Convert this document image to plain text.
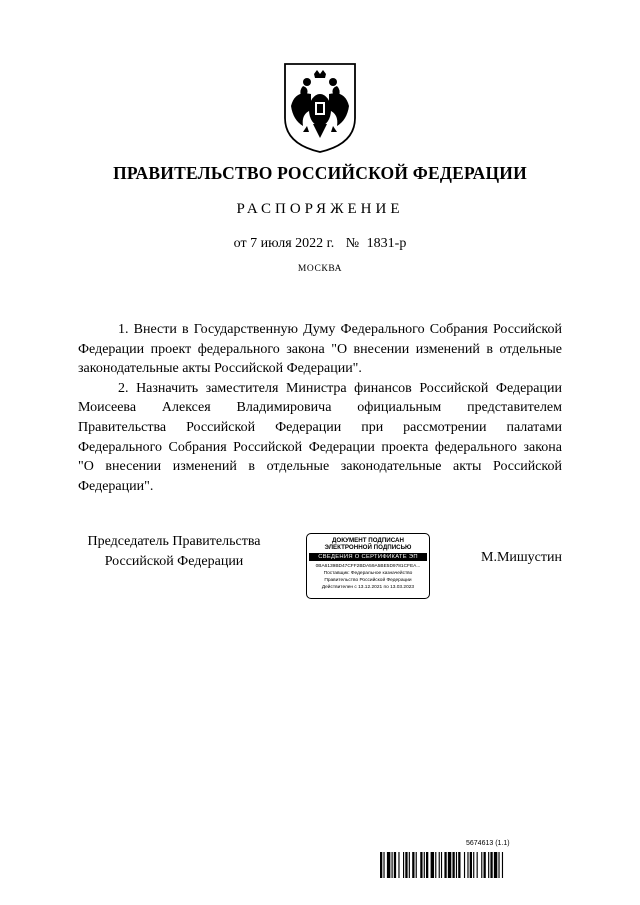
ПРАВИТЕЛЬСТВО РОССИЙСКОЙ ФЕДЕРАЦИИ
РАСПОРЯЖЕНИЕ
от 7 июля 2022 г. № 1831-р
МОСКВА

1. Внести в Государственную Думу Федерального Собрания Российской Федерации проект федерального закона "О внесении изменений в отдельные законодательные акты Российской Федерации".

2. Назначить заместителя Министра финансов Российской Федерации Моисеева Алексея Владимировича официальным представителем Правительства Российской Федерации при рассмотрении палатами Федерального Собрания Российской Федерации проекта федерального закона "О внесении изменений в отдельные законодательные акты Российской Федерации".

Председатель Правительства
Российской Федерации
ДОКУМЕНТ ПОДПИСАН
ЭЛЕКТРОННОЙ ПОДПИСЬЮ
СВЕДЕНИЯ О СЕРТИФИКАТЕ ЭП
0BA6139BD47CFF2BDA59A5BE5D9781CFEA...
Поставщик: Федеральное казначейство
Правительство Российской Федерации
Действителен с 13.12.2021 по 13.03.2023
М.Мишустин
5674613 (1.1)
